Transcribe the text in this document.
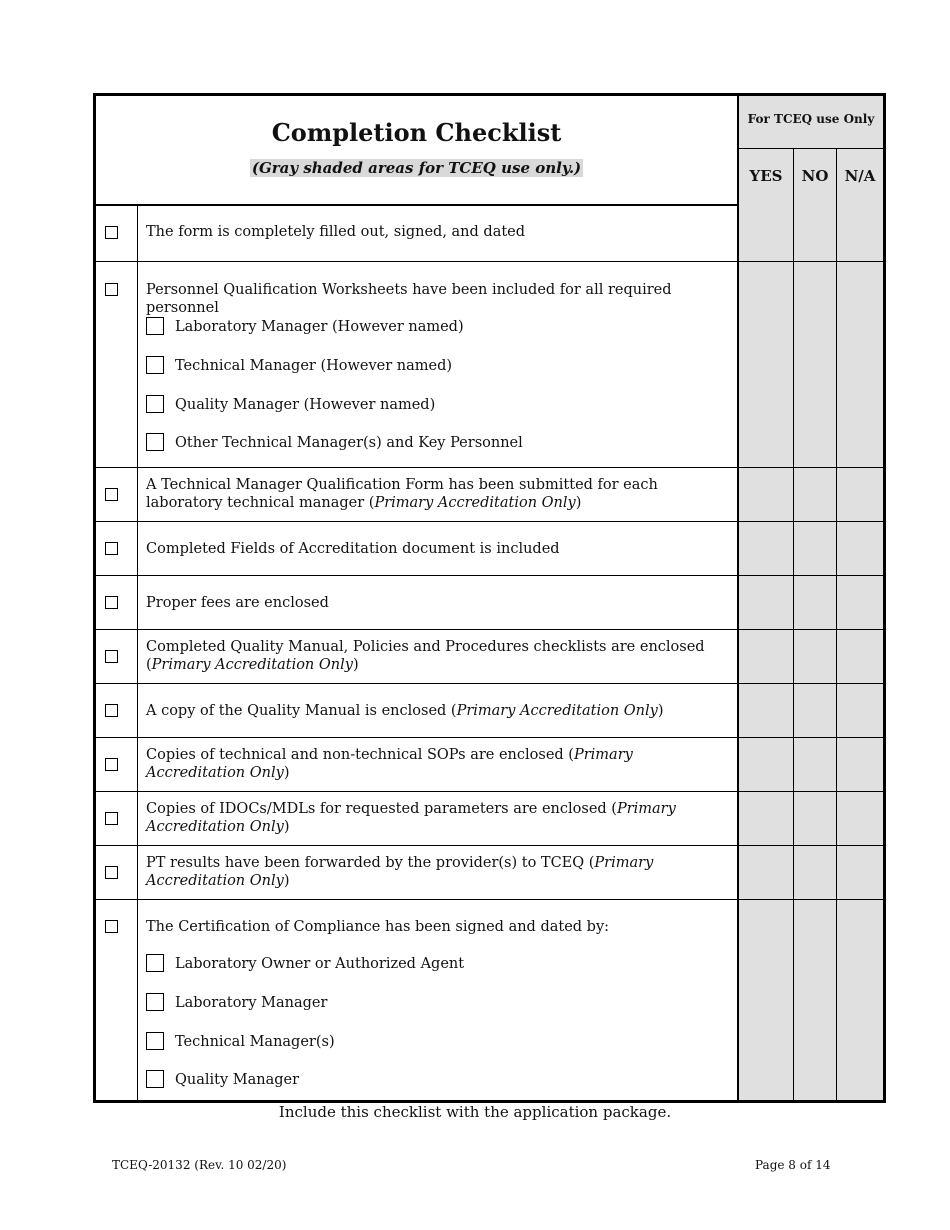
Completion Checklist
(Gray shaded areas for TCEQ use only.)
For TCEQ use Only
YES	NO	N/A
The form is completely filled out, signed, and dated
Personnel Qualification Worksheets have been included for all required personnel
Laboratory Manager (However named)
Technical Manager (However named)
Quality Manager (However named)
Other Technical Manager(s) and Key Personnel
A Technical Manager Qualification Form has been submitted for each laboratory technical manager (Primary Accreditation Only)
Completed Fields of Accreditation document is included
Proper fees are enclosed
Completed Quality Manual, Policies and Procedures checklists are enclosed (Primary Accreditation Only)
A copy of the Quality Manual is enclosed (Primary Accreditation Only)
Copies of technical and non-technical SOPs are enclosed (Primary Accreditation Only)
Copies of IDOCs/MDLs for requested parameters are enclosed (Primary Accreditation Only)
PT results have been forwarded by the provider(s) to TCEQ (Primary Accreditation Only)
The Certification of Compliance has been signed and dated by:
Laboratory Owner or Authorized Agent
Laboratory Manager
Technical Manager(s)
Quality Manager
Include this checklist with the application package.
TCEQ-20132 (Rev. 10 02/20)	Page 8 of 14
